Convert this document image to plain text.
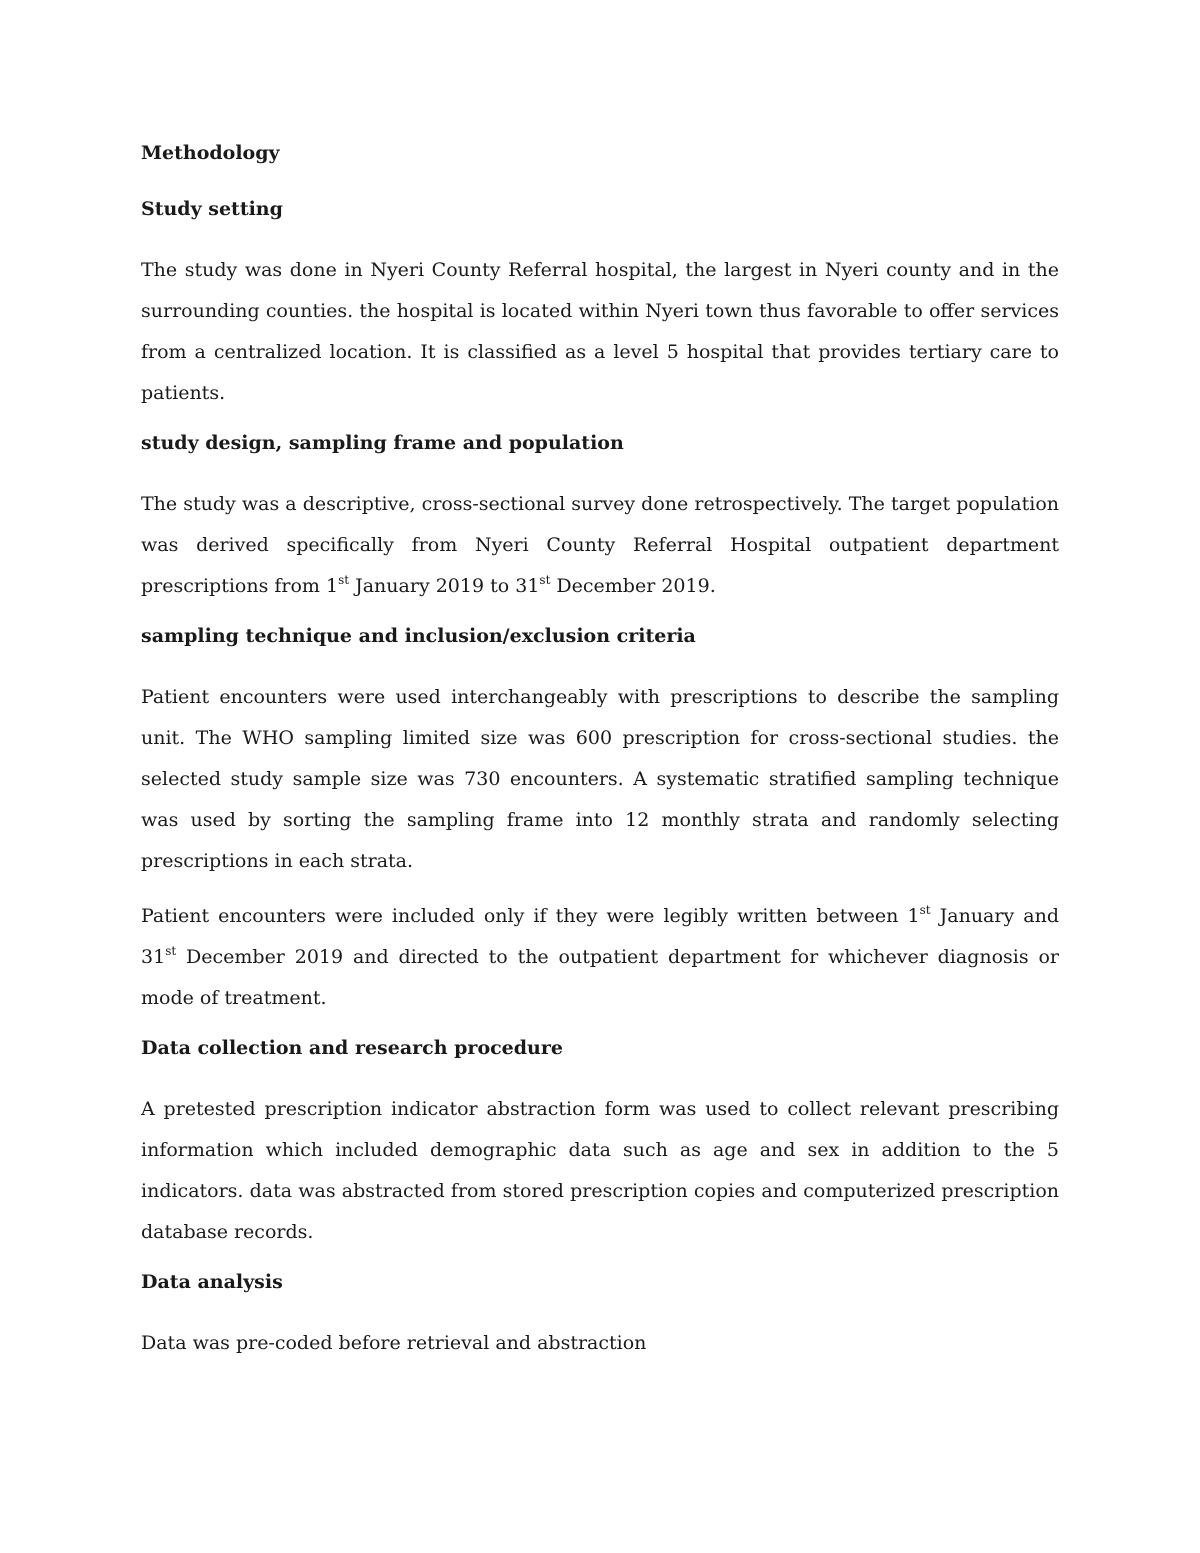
Methodology
Study setting
The study was done in Nyeri County Referral hospital, the largest in Nyeri county and in the surrounding counties. the hospital is located within Nyeri town thus favorable to offer services from a centralized location. It is classified as a level 5 hospital that provides tertiary care to patients.
study design, sampling frame and population
The study was a descriptive, cross-sectional survey done retrospectively. The target population was derived specifically from Nyeri County Referral Hospital outpatient department prescriptions from 1st January 2019 to 31st December 2019.
sampling technique and inclusion/exclusion criteria
Patient encounters were used interchangeably with prescriptions to describe the sampling unit. The WHO sampling limited size was 600 prescription for cross-sectional studies. the selected study sample size was 730 encounters. A systematic stratified sampling technique was used by sorting the sampling frame into 12 monthly strata and randomly selecting prescriptions in each strata.
Patient encounters were included only if they were legibly written between 1st January and 31st December 2019 and directed to the outpatient department for whichever diagnosis or mode of treatment.
Data collection and research procedure
A pretested prescription indicator abstraction form was used to collect relevant prescribing information which included demographic data such as age and sex in addition to the 5 indicators. data was abstracted from stored prescription copies and computerized prescription database records.
Data analysis
Data was pre-coded before retrieval and abstraction
